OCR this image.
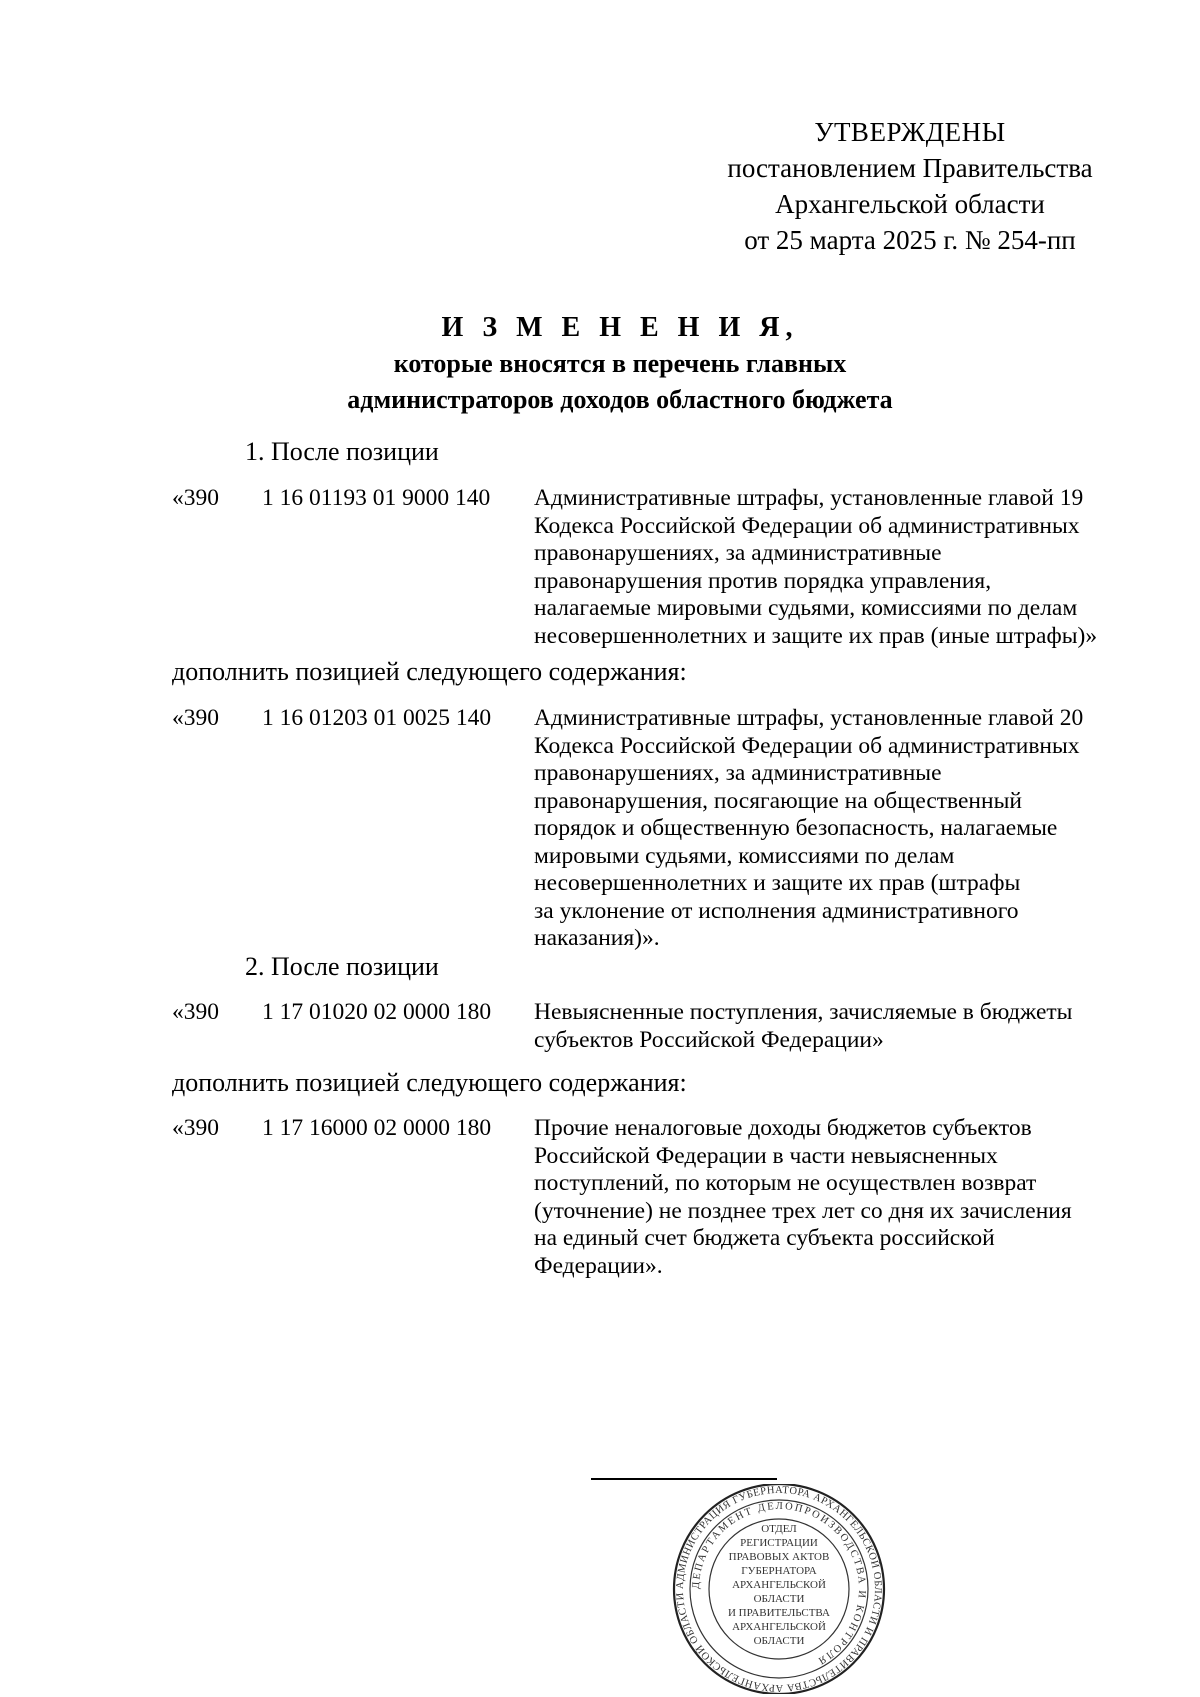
УТВЕРЖДЕНЫ
постановлением Правительства
Архангельской области
от 25 марта 2025 г. № 254-пп
И З М Е Н Е Н И Я,
которые вносятся в перечень главных
администраторов доходов областного бюджета
1. После позиции
«390	1 16 01193 01 9000 140	Административные штрафы, установленные главой 19
Кодекса Российской Федерации об административных
правонарушениях, за административные
правонарушения против порядка управления,
налагаемые мировыми судьями, комиссиями по делам
несовершеннолетних и защите их прав (иные штрафы)»
дополнить позицией следующего содержания:
«390	1 16 01203 01 0025 140	Административные штрафы, установленные главой 20
Кодекса Российской Федерации об административных
правонарушениях, за административные
правонарушения, посягающие на общественный
порядок и общественную безопасность, налагаемые
мировыми судьями, комиссиями по делам
несовершеннолетних и защите их прав (штрафы
за уклонение от исполнения административного
наказания)».
2. После позиции
«390	1 17 01020 02 0000 180	Невыясненные поступления, зачисляемые в бюджеты
субъектов Российской Федерации»
дополнить позицией следующего содержания:
«390	1 17 16000 02 0000 180	Прочие неналоговые доходы бюджетов субъектов
Российской Федерации в части невыясненных
поступлений, по которым не осуществлен возврат
(уточнение) не позднее трех лет со дня их зачисления
на единый счет бюджета субъекта российской
Федерации».
АДМИНИСТРАЦИЯ ГУБЕРНАТОРА АРХАНГЕЛЬСКОЙ ОБЛАСТИ И ПРАВИТЕЛЬСТВА АРХАНГЕЛЬСКОЙ ОБЛАСТИ
ДЕПАРТАМЕНТ ДЕЛОПРОИЗВОДСТВА И КОНТРОЛЯ
ОТДЕЛ
РЕГИСТРАЦИИ
ПРАВОВЫХ АКТОВ
ГУБЕРНАТОРА
АРХАНГЕЛЬСКОЙ
ОБЛАСТИ
И ПРАВИТЕЛЬСТВА
АРХАНГЕЛЬСКОЙ
ОБЛАСТИ
